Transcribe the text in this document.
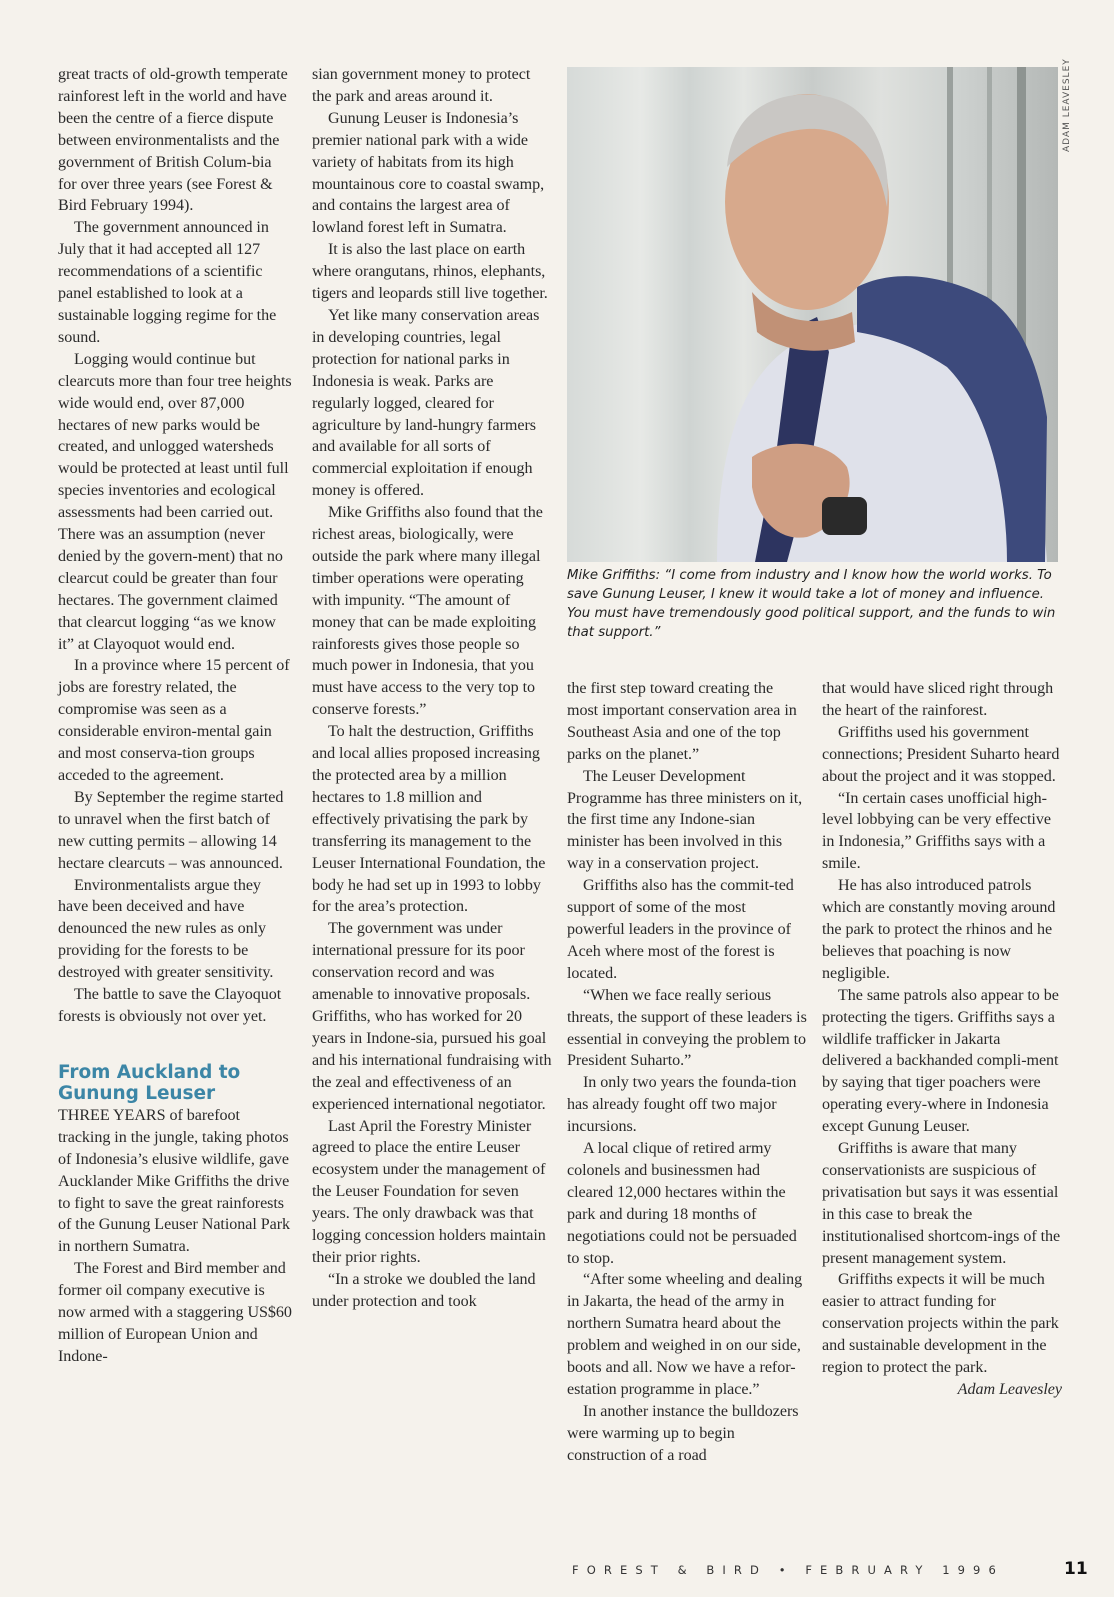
great tracts of old-growth temperate rainforest left in the world and have been the centre of a fierce dispute between environmentalists and the government of British Colum-bia for over three years (see Forest & Bird February 1994).

The government announced in July that it had accepted all 127 recommendations of a scientific panel established to look at a sustainable logging regime for the sound.

Logging would continue but clearcuts more than four tree heights wide would end, over 87,000 hectares of new parks would be created, and unlogged watersheds would be protected at least until full species inventories and ecological assessments had been carried out. There was an assumption (never denied by the govern-ment) that no clearcut could be greater than four hectares. The government claimed that clearcut logging “as we know it” at Clayoquot would end.

In a province where 15 percent of jobs are forestry related, the compromise was seen as a considerable environ-mental gain and most conserva-tion groups acceded to the agreement.

By September the regime started to unravel when the first batch of new cutting permits – allowing 14 hectare clearcuts – was announced.

Environmentalists argue they have been deceived and have denounced the new rules as only providing for the forests to be destroyed with greater sensitivity.

The battle to save the Clayoquot forests is obviously not over yet.

From Auckland to Gunung Leuser

THREE YEARS of barefoot tracking in the jungle, taking photos of Indonesia’s elusive wildlife, gave Aucklander Mike Griffiths the drive to fight to save the great rainforests of the Gunung Leuser National Park in northern Sumatra.

The Forest and Bird member and former oil company executive is now armed with a staggering US$60 million of European Union and Indone-

sian government money to protect the park and areas around it.

Gunung Leuser is Indonesia’s premier national park with a wide variety of habitats from its high mountainous core to coastal swamp, and contains the largest area of lowland forest left in Sumatra.

It is also the last place on earth where orangutans, rhinos, elephants, tigers and leopards still live together.

Yet like many conservation areas in developing countries, legal protection for national parks in Indonesia is weak. Parks are regularly logged, cleared for agriculture by land-hungry farmers and available for all sorts of commercial exploitation if enough money is offered.

Mike Griffiths also found that the richest areas, biologically, were outside the park where many illegal timber operations were operating with impunity. “The amount of money that can be made exploiting rainforests gives those people so much power in Indonesia, that you must have access to the very top to conserve forests.”

To halt the destruction, Griffiths and local allies proposed increasing the protected area by a million hectares to 1.8 million and effectively privatising the park by transferring its management to the Leuser International Foundation, the body he had set up in 1993 to lobby for the area’s protection.

The government was under international pressure for its poor conservation record and was amenable to innovative proposals. Griffiths, who has worked for 20 years in Indone-sia, pursued his goal and his international fundraising with the zeal and effectiveness of an experienced international negotiator.

Last April the Forestry Minister agreed to place the entire Leuser ecosystem under the management of the Leuser Foundation for seven years. The only drawback was that logging concession holders maintain their prior rights.

“In a stroke we doubled the land under protection and took

ADAM LEAVESLEY
Mike Griffiths: “I come from industry and I know how the world works. To save Gunung Leuser, I knew it would take a lot of money and influence. You must have tremendously good political support, and the funds to win that support.”

the first step toward creating the most important conservation area in Southeast Asia and one of the top parks on the planet.”

The Leuser Development Programme has three ministers on it, the first time any Indone-sian minister has been involved in this way in a conservation project.

Griffiths also has the commit-ted support of some of the most powerful leaders in the province of Aceh where most of the forest is located.

“When we face really serious threats, the support of these leaders is essential in conveying the problem to President Suharto.”

In only two years the founda-tion has already fought off two major incursions.

A local clique of retired army colonels and businessmen had cleared 12,000 hectares within the park and during 18 months of negotiations could not be persuaded to stop.

“After some wheeling and dealing in Jakarta, the head of the army in northern Sumatra heard about the problem and weighed in on our side, boots and all. Now we have a refor-estation programme in place.”

In another instance the bulldozers were warming up to begin construction of a road

that would have sliced right through the heart of the rainforest.

Griffiths used his government connections; President Suharto heard about the project and it was stopped.

“In certain cases unofficial high-level lobbying can be very effective in Indonesia,” Griffiths says with a smile.

He has also introduced patrols which are constantly moving around the park to protect the rhinos and he believes that poaching is now negligible.

The same patrols also appear to be protecting the tigers. Griffiths says a wildlife trafficker in Jakarta delivered a backhanded compli-ment by saying that tiger poachers were operating every-where in Indonesia except Gunung Leuser.

Griffiths is aware that many conservationists are suspicious of privatisation but says it was essential in this case to break the institutionalised shortcom-ings of the present management system.

Griffiths expects it will be much easier to attract funding for conservation projects within the park and sustainable development in the region to protect the park.

Adam Leavesley

FOREST & BIRD • FEBRUARY 1996	11
